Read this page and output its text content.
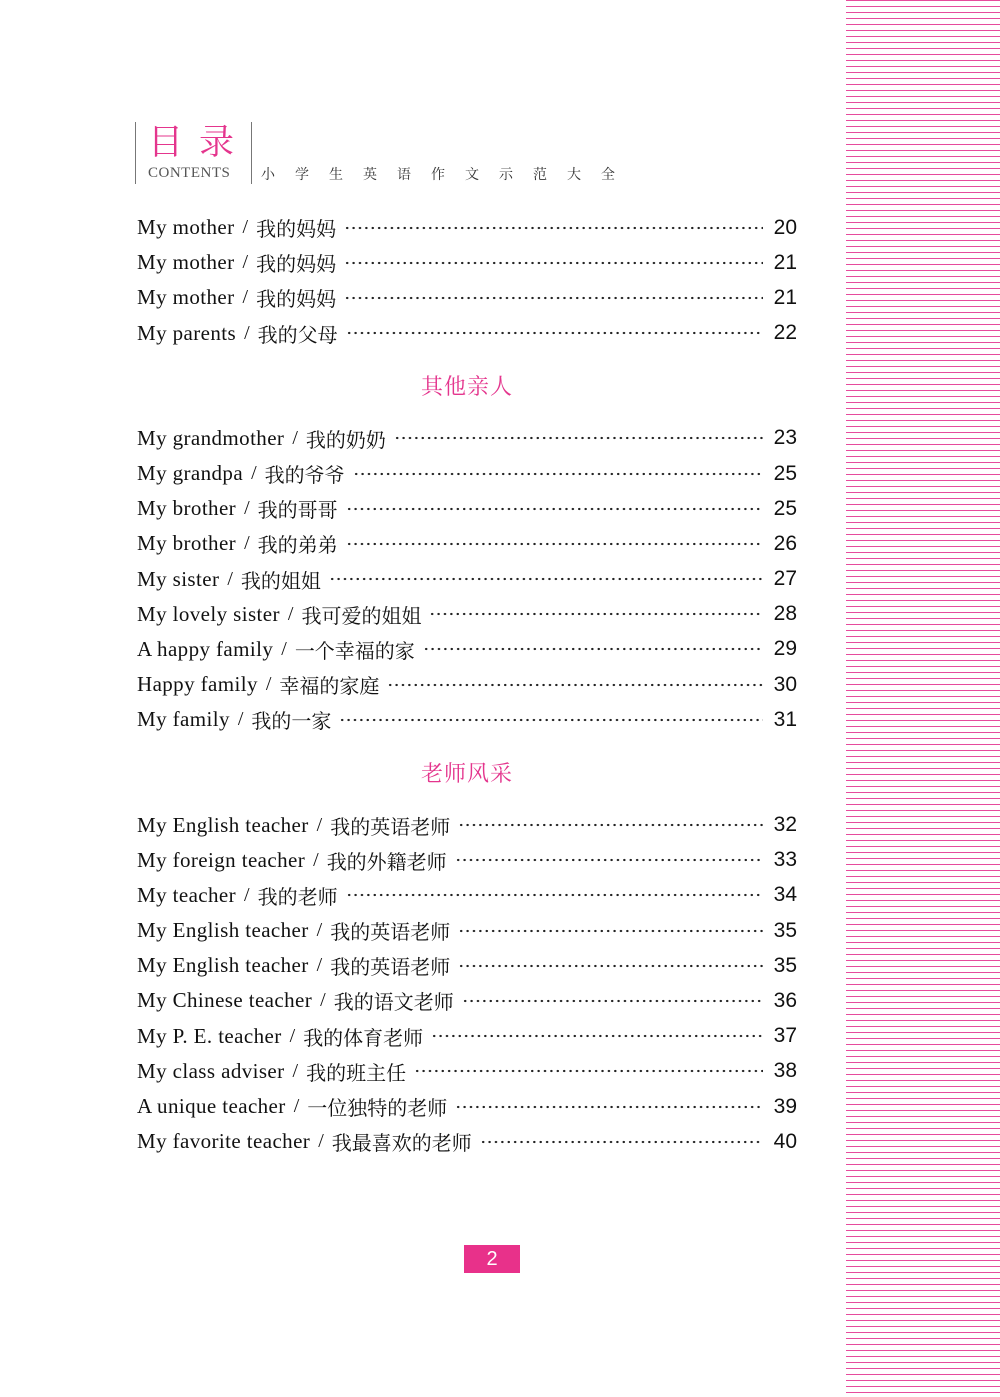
目录
CONTENTS 小学生英语作文示范大全
My mother / 我的妈妈	20
My mother / 我的妈妈	21
My mother / 我的妈妈	21
My parents / 我的父母	22
其他亲人
My grandmother / 我的奶奶	23
My grandpa / 我的爷爷	25
My brother / 我的哥哥	25
My brother / 我的弟弟	26
My sister / 我的姐姐	27
My lovely sister / 我可爱的姐姐	28
A happy family / 一个幸福的家	29
Happy family / 幸福的家庭	30
My family / 我的一家	31
老师风采
My English teacher / 我的英语老师	32
My foreign teacher / 我的外籍老师	33
My teacher / 我的老师	34
My English teacher / 我的英语老师	35
My English teacher / 我的英语老师	35
My Chinese teacher / 我的语文老师	36
My P. E. teacher / 我的体育老师	37
My class adviser / 我的班主任	38
A unique teacher / 一位独特的老师	39
My favorite teacher / 我最喜欢的老师	40
2
